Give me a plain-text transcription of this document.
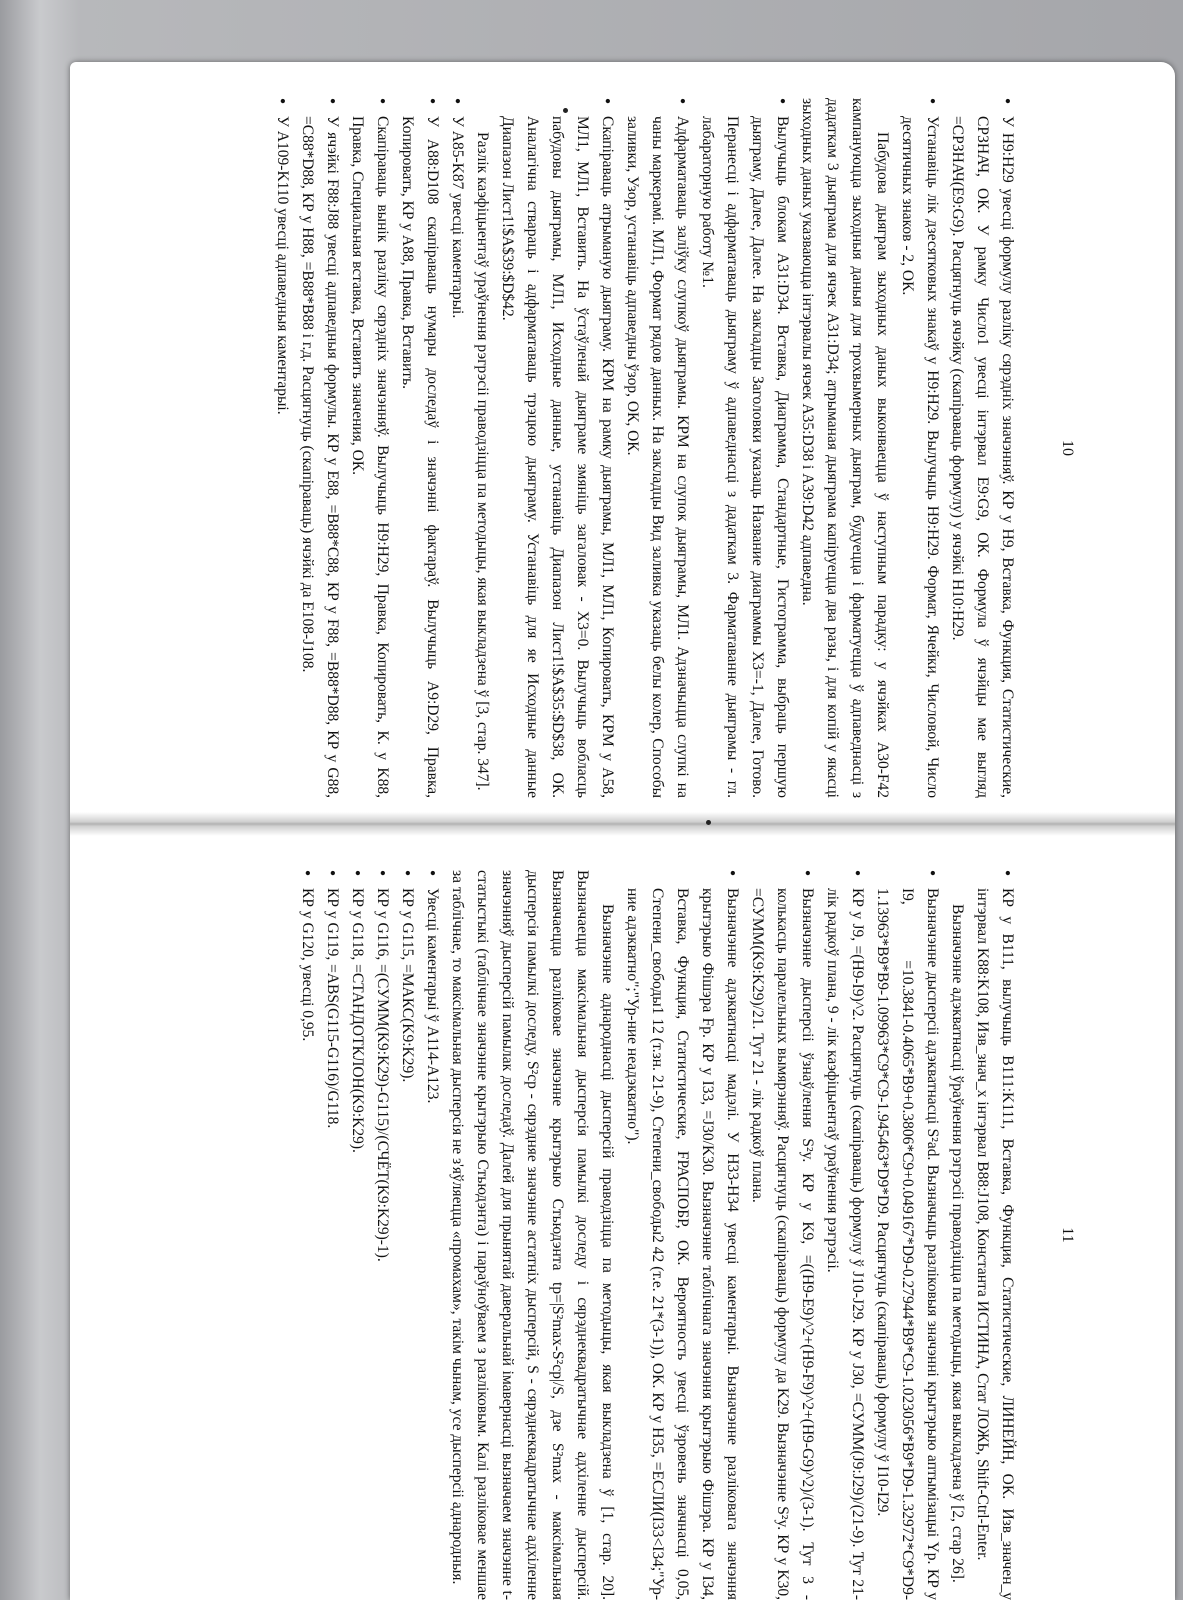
10
● У H9:H29 увесці формулу разліку сярэдніх значэнняў. КР у H9, Вставка, Функция, Статистические, СРЗНАЧ, ОК. У рамку Число1 увесці інтэрвал E9:G9, ОК. Формула ў ячэйцы мае выгляд =СРЗНАЧ(E9:G9). Расцягнуць ячэйку (скапіраваць формулу) у ячэйкі H10:H29.
● Устанавіць лік дзесятковых знакаў у H9:H29. Вылучыць H9:H29. Формат, Ячейки, Числовой, Число десятичных знаков - 2, ОК.
Пабудова дыяграм зыходных даных выконваецца ў наступным парадку: у ячэйках A30-F42 кампануюцца зыходныя даныя для трохвымерных дыяграм, будуецца і фарматуецца ў адпаведнасці з дадаткам 3 дыяграма для ячэек A31:D34; атрыманая дыяграма капіруецца два разы, і для копій у якасці зыходных даных указваюцца інтэрвалы ячэек A35:D38 і A39:D42 адпаведна.
● Вылучыць блокам A31:D34. Вставка, Диаграмма, Стандартные, Гистограмма, выбраць першую дыяграму, Далее, Далее. На закладцы Заголовки указаць Название диаграммы X3=-1, Далее, Готово. Перанесці і адфарматаваць дыяграму ў адпаведнасці з дадаткам 3. Фарматаванне дыяграмы - гл. лабараторную работу №1.
● Адфарматаваць заліўку слупкоў дыяграмы. КРМ на слупок дыяграмы, МЛ1. Адзначыцца слупкі на чаны маркерамі. МЛ1, Формат рядов данных. На закладцы Вид заливка указаць белы колер, Способы заливки, Узор, устанавіць адпаведны ўзор, ОК, ОК.
● Скапіраваць атрыманую дыяграму. КРМ на рамку дыяграмы, МЛ1, МЛ1, Копировать, КРМ у A58, МЛ1, МЛ1, Вставить. На ўстаўленай дыяграме змяніць загаловак - X3=0. Вылучыць вобласць пабудовы дыяграмы, МЛ1, Исходные данные, устанавіць Диапазон Лист1!$A$35:$D$38, ОК. Аналагічна ствараць і адфарматаваць трэцюю дыяграму. Устанавіць для яе Исходные данные Диапазон Лист1!$A$39:$D$42.
Разлік каэфіцыентаў ураўнення рэгрэсіі праводзіцца па методыцы, якая выкладзена ў [3, стар. 347].
● У A85-K87 увесці каментарыі.
● У A88:D108 скапіраваць нумары доследаў і значэнні фактараў. Вылучыць A9:D29, Правка, Копировать, КР у A88, Правка, Вставить.
● Скапіраваць вынік разліку сярэдніх значэнняў. Вылучыць H9:H29, Правка, Копировать, К. у K88, Правка, Специальная вставка, Вставить значения, ОК.
● У ячэйкі F88:J88 увесці адпаведныя формулы. КР у E88, =B88*C88, КР у F88, =B88*D88, КР у G88, =C88*D88, КР у H88, =B88*B88 і г.д. Расцягнуць (скапіраваць) ячэйкі да E108-J108.
● У A109-K110 увесці адпаведныя каментарыі.
11
● КР у B111, вылучыць B111:K111, Вставка, Функция, Статистические, ЛИНЕЙН, ОК. Изв_значен_у інтэрвал K88:K108, Изв_знач_х інтэрвал B88:J108, Константа ИСТИНА, Стат ЛОЖЬ, Shift-Ctrl-Enter.
Вызначэнне адэкватнасці ўраўнення рэгрэсіі праводзіцца па методыцы, якая выкладзена ў [2, стар 26].
● Вызначэнне дысперсіі адэкватнасці S²ad. Вызначыць разліковыя значэнні крытэрыю аптымізацыі Yр. КР у I9, =10.3841-0.4065*B9+0.3806*C9+0.049167*D9-0.27944*B9*C9-1.023056*B9*D9-1.32972*C9*D9-1.13963*B9*B9-1.09963*C9*C9-1.945463*D9*D9. Расцягнуць (скапіраваць) формулу ў I10-I29.
● КР у J9, =(H9-I9)^2. Расцягнуць (скапіраваць) формулу ў J10-J29. КР у J30, =СУММ(J9:J29)/(21-9). Тут 21- лік радкоў плана, 9 - лік каэфіцыентаў ураўнення рэгрэсіі.
● Вызначэнне дысперсіі ўзнаўлення S²y. КР у K9, =((H9-E9)^2+(H9-F9)^2+(H9-G9)^2)/(3-1). Тут 3 - колькасць паралельных вымярэнняў. Расцягнуць (скапіраваць) формулу да K29. Вызначэнне S²y. КР у K30, =СУММ(K9:K29)/21. Тут 21 - лік радкоў плана.
● Вызначэнне адэкватнасці мадэлі. У H33-H34 увесці каментарыі. Вызначэнне разліковага значэння крытэрыю Фішэра Fр. КР у I33, =J30/K30. Вызначэнне таблічнага значэння крытэрыю Фішэра. КР у I34, Вставка, Функция, Статистические, FРАСПОБР, ОК. Вероятность увесці ўзровень значнасці 0,05, Степени_свободы1 12 (т.зн. 21-9), Степени_свободы2 42 (т.е. 21*(3-1)), ОК. КР у H35, =ЕСЛИ(I33<I34;"Ур-ние адэкватно";"Ур-ние неадэкватно").
Вызначэнне аднароднасці дысперсій праводзіцца па методыцы, якая выкладзена ў [1, стар. 20]. Вызначаецца максімальная дысперсія памылкі доследу і сярэднеквадратычнае адхіленне дысперсій. Вызначаецца разліковае значэнне крытэрыю Стьюдэнта tр=|S²max-S²ср|/S, дзе S²max - максімальная дысперсія памылкі доследу, S²ср - сярэдняе значэнне астатніх дысперсій, S - сярэднеквадратычнае адхіленне значэнняў дысперсій памылак доследаў. Далей для прынятай даверальнай імавернасці вызначаем значэнне t-статыстыкі (таблічнае значэнне крытэрыю Стьюдэнта) і параўноўваем з разліковым. Калі разліковае меншае за таблічнае, то максімальная дысперсія не з'яўляецца «промахам», такім чынам, усе дысперсіі аднародныя.
● Увесці каментарыі ў A114-A123.
● КР у G115, =МАКС(K9:K29).
● КР у G116, =(СУММ(K9:K29)-G115)/(СЧЁТ(K9:K29)-1).
● КР у G118, =СТАНДОТКЛОН(K9:K29).
● КР у G119, =ABS(G115-G116)/G118.
● КР у G120, увесці 0,95.
